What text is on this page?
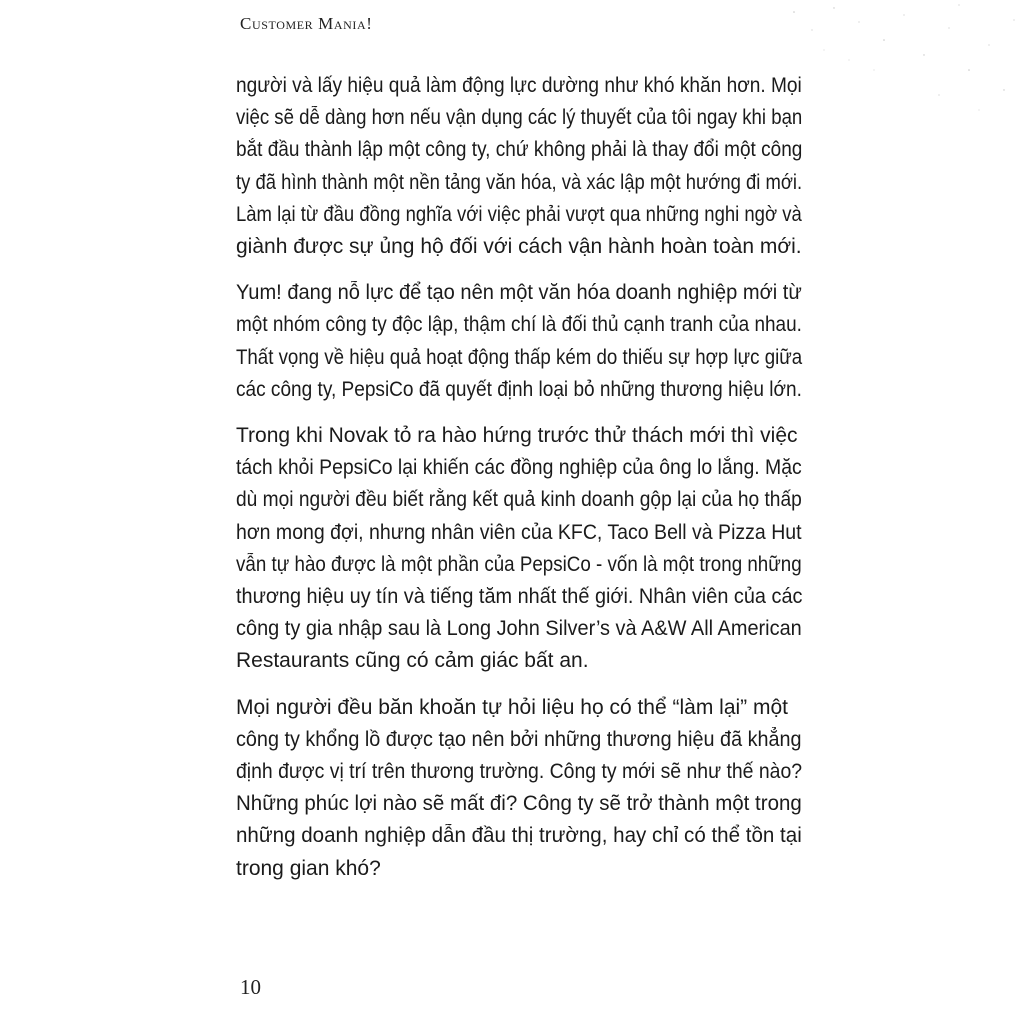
Customer Mania!

người và lấy hiệu quả làm động lực dường như khó khăn hơn. Mọi
việc sẽ dễ dàng hơn nếu vận dụng các lý thuyết của tôi ngay khi bạn
bắt đầu thành lập một công ty, chứ không phải là thay đổi một công
ty đã hình thành một nền tảng văn hóa, và xác lập một hướng đi mới.
Làm lại từ đầu đồng nghĩa với việc phải vượt qua những nghi ngờ và
giành được sự ủng hộ đối với cách vận hành hoàn toàn mới.

Yum! đang nỗ lực để tạo nên một văn hóa doanh nghiệp mới từ
một nhóm công ty độc lập, thậm chí là đối thủ cạnh tranh của nhau.
Thất vọng về hiệu quả hoạt động thấp kém do thiếu sự hợp lực giữa
các công ty, PepsiCo đã quyết định loại bỏ những thương hiệu lớn.

Trong khi Novak tỏ ra hào hứng trước thử thách mới thì việc
tách khỏi PepsiCo lại khiến các đồng nghiệp của ông lo lắng. Mặc
dù mọi người đều biết rằng kết quả kinh doanh gộp lại của họ thấp
hơn mong đợi, nhưng nhân viên của KFC, Taco Bell và Pizza Hut
vẫn tự hào được là một phần của PepsiCo - vốn là một trong những
thương hiệu uy tín và tiếng tăm nhất thế giới. Nhân viên của các
công ty gia nhập sau là Long John Silver’s và A&W All American
Restaurants cũng có cảm giác bất an.

Mọi người đều băn khoăn tự hỏi liệu họ có thể “làm lại” một
công ty khổng lồ được tạo nên bởi những thương hiệu đã khẳng
định được vị trí trên thương trường. Công ty mới sẽ như thế nào?
Những phúc lợi nào sẽ mất đi? Công ty sẽ trở thành một trong
những doanh nghiệp dẫn đầu thị trường, hay chỉ có thể tồn tại
trong gian khó?

10
